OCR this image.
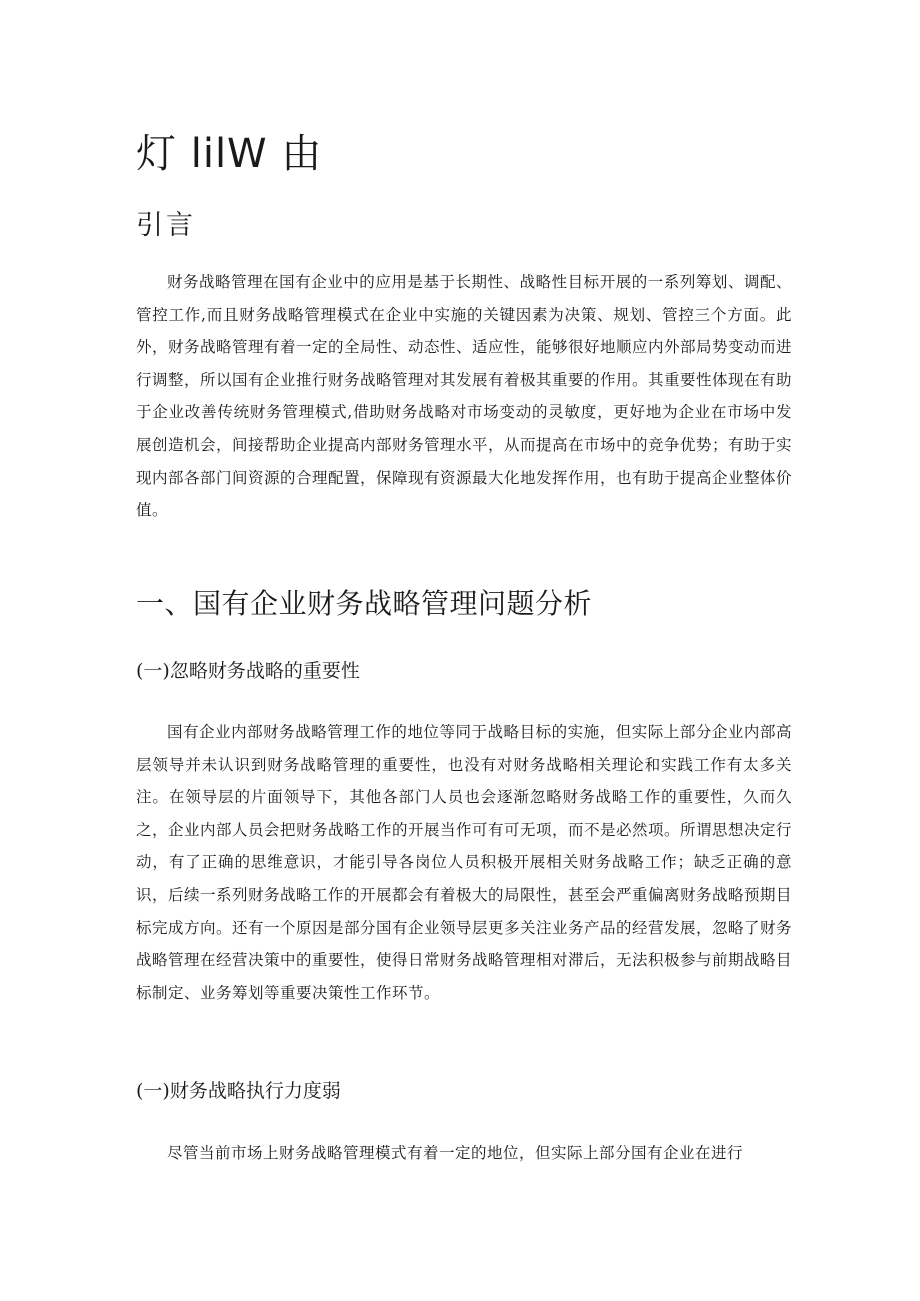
灯 lilW 由
引言

财务战略管理在国有企业中的应用是基于长期性、战略性目标开展的一系列筹划、调配、管控工作,而且财务战略管理模式在企业中实施的关键因素为决策、规划、管控三个方面。此外，财务战略管理有着一定的全局性、动态性、适应性，能够很好地顺应内外部局势变动而进行调整，所以国有企业推行财务战略管理对其发展有着极其重要的作用。其重要性体现在有助于企业改善传统财务管理模式,借助财务战略对市场变动的灵敏度，更好地为企业在市场中发展创造机会，间接帮助企业提高内部财务管理水平，从而提高在市场中的竞争优势；有助于实现内部各部门间资源的合理配置，保障现有资源最大化地发挥作用，也有助于提高企业整体价值。

一、国有企业财务战略管理问题分析
(一)忽略财务战略的重要性

国有企业内部财务战略管理工作的地位等同于战略目标的实施，但实际上部分企业内部高层领导并未认识到财务战略管理的重要性，也没有对财务战略相关理论和实践工作有太多关注。在领导层的片面领导下，其他各部门人员也会逐渐忽略财务战略工作的重要性，久而久之，企业内部人员会把财务战略工作的开展当作可有可无项，而不是必然项。所谓思想决定行动，有了正确的思维意识，才能引导各岗位人员积极开展相关财务战略工作；缺乏正确的意识，后续一系列财务战略工作的开展都会有着极大的局限性，甚至会严重偏离财务战略预期目标完成方向。还有一个原因是部分国有企业领导层更多关注业务产品的经营发展，忽略了财务战略管理在经营决策中的重要性，使得日常财务战略管理相对滞后，无法积极参与前期战略目标制定、业务筹划等重要决策性工作环节。

(一)财务战略执行力度弱

尽管当前市场上财务战略管理模式有着一定的地位，但实际上部分国有企业在进行
